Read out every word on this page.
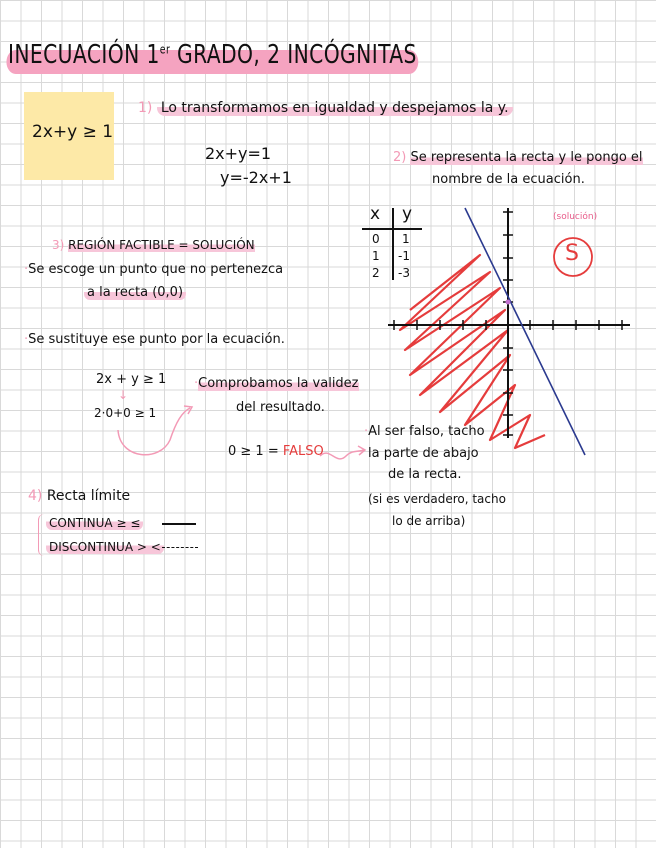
INECUACIÓN 1er GRADO, 2 INCÓGNITAS
2x+y ≥ 1
1) Lo transformamos en igualdad y despejamos la y.
2x+y=1
y=-2x+1
2) Se representa la recta y le pongo el
nombre de la ecuación.
x y
0 1
1 -1
2 -3
(solución)
S
3) REGIÓN FACTIBLE = SOLUCIÓN
·Se escoge un punto que no pertenezca
a la recta (0,0)
·Se sustituye ese punto por la ecuación.
2x + y ≥ 1
↓
2·0+0 ≥ 1
·Comprobamos la validez
del resultado.
0 ≥ 1 = FALSO
·Al ser falso, tacho
la parte de abajo
de la recta.
(si es verdadero, tacho
lo de arriba)
4) Recta límite
CONTINUA ≥ ≤
DISCONTINUA > <
